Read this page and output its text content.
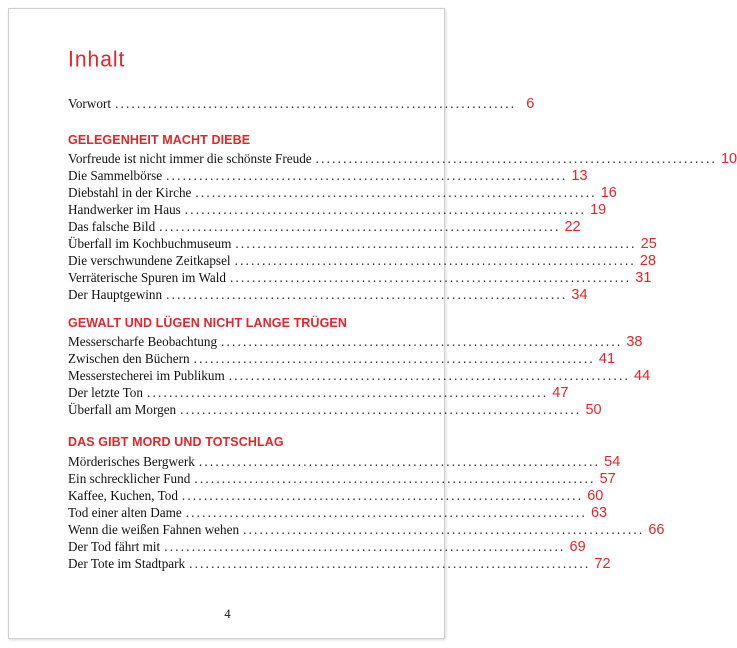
Inhalt
Vorwort ......................................................................... 6
GELEGENHEIT MACHT DIEBE
Vorfreude ist nicht immer die schönste Freude ......................................................................... 10
Die Sammelbörse ......................................................................... 13
Diebstahl in der Kirche ......................................................................... 16
Handwerker im Haus ......................................................................... 19
Das falsche Bild ......................................................................... 22
Überfall im Kochbuchmuseum ......................................................................... 25
Die verschwundene Zeitkapsel ......................................................................... 28
Verräterische Spuren im Wald ......................................................................... 31
Der Hauptgewinn ......................................................................... 34
GEWALT UND LÜGEN NICHT LANGE TRÜGEN
Messerscharfe Beobachtung ......................................................................... 38
Zwischen den Büchern ......................................................................... 41
Messerstecherei im Publikum ......................................................................... 44
Der letzte Ton ......................................................................... 47
Überfall am Morgen ......................................................................... 50
DAS GIBT MORD UND TOTSCHLAG
Mörderisches Bergwerk ......................................................................... 54
Ein schrecklicher Fund ......................................................................... 57
Kaffee, Kuchen, Tod ......................................................................... 60
Tod einer alten Dame ......................................................................... 63
Wenn die weißen Fahnen wehen ......................................................................... 66
Der Tod fährt mit ......................................................................... 69
Der Tote im Stadtpark ......................................................................... 72
4
